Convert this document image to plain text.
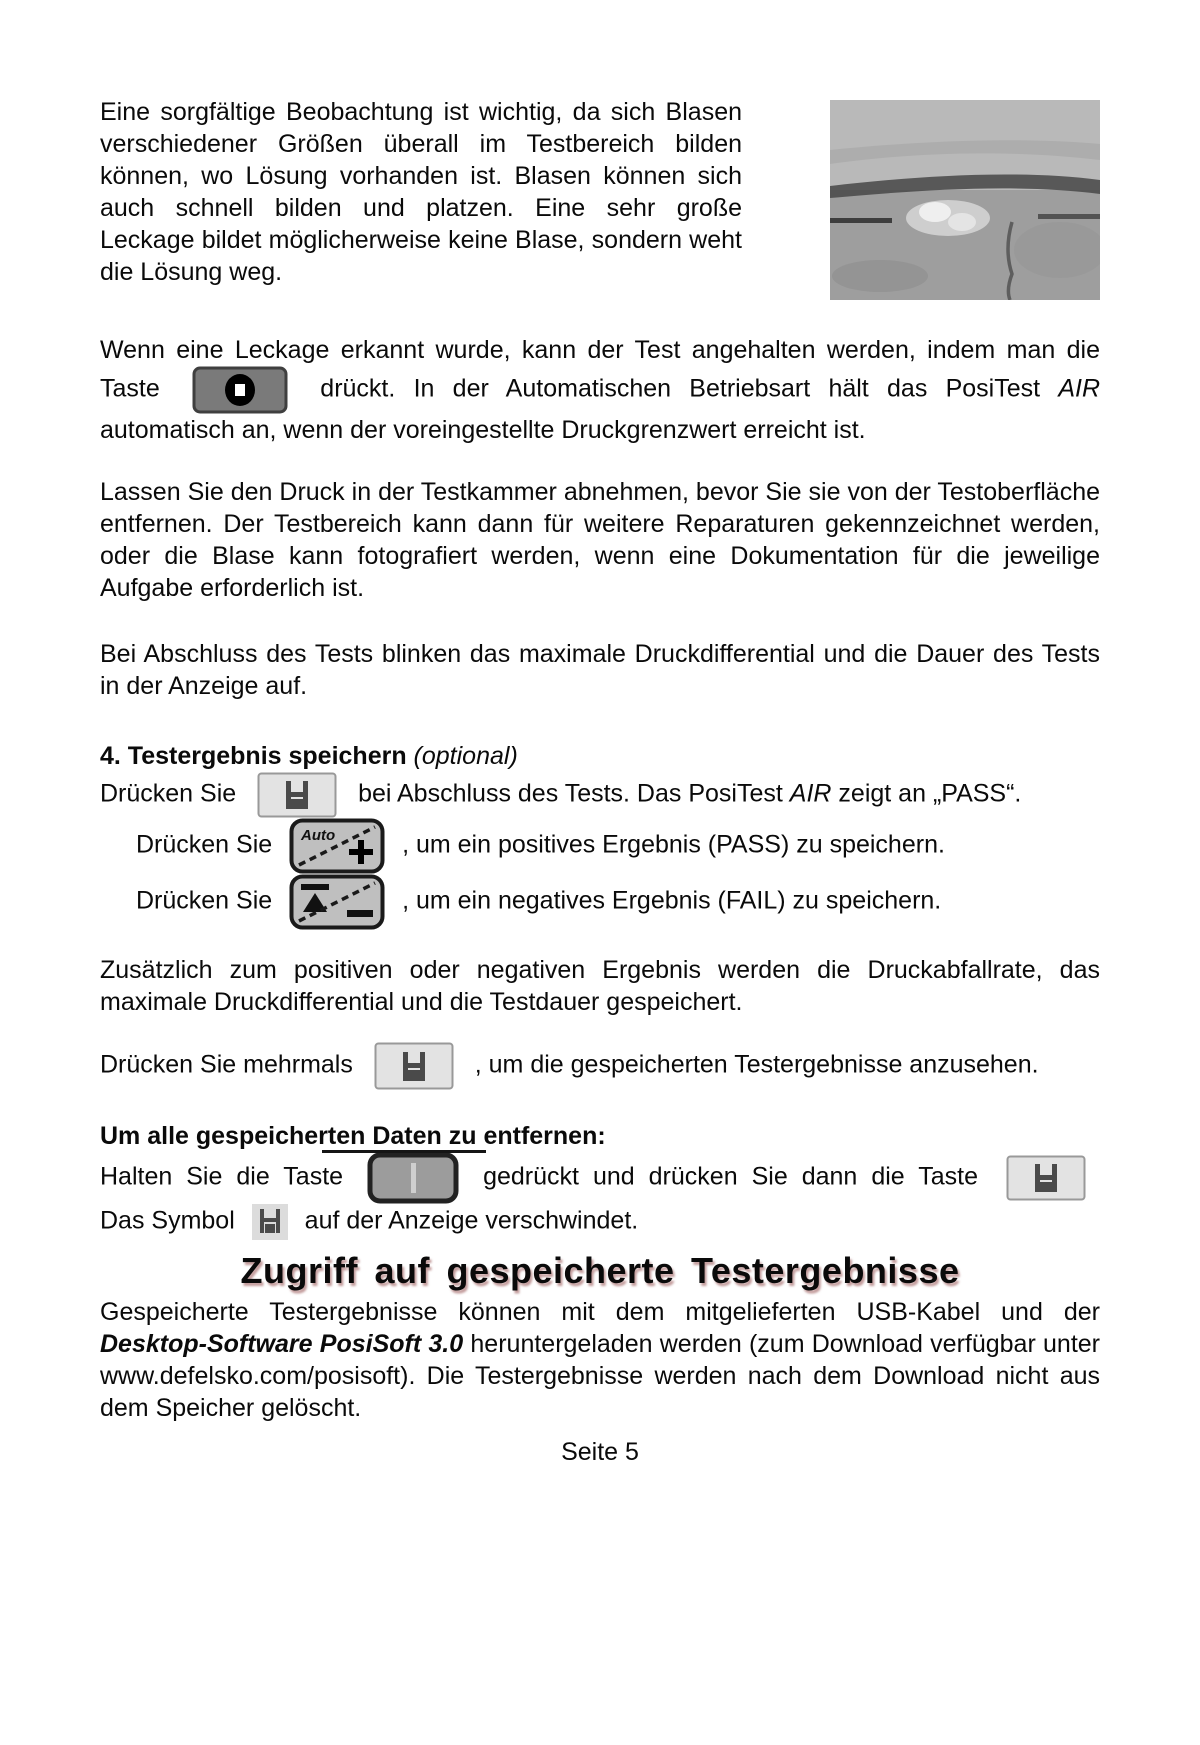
Eine sorgfältige Beobachtung ist wichtig, da sich Blasen verschiedener Größen überall im Testbereich bilden können, wo Lösung vorhanden ist. Blasen können sich auch schnell bilden und platzen. Eine sehr große Leckage bildet möglicherweise keine Blase, sondern weht die Lösung weg.

Wenn eine Leckage erkannt wurde, kann der Test angehalten werden, indem man die Taste	drückt. In der Automatischen Betriebsart hält das PosiTest AIR automatisch an, wenn der voreingestellte Druckgrenzwert erreicht ist.

Lassen Sie den Druck in der Testkammer abnehmen, bevor Sie sie von der Testoberfläche entfernen. Der Testbereich kann dann für weitere Reparaturen gekennzeichnet werden, oder die Blase kann fotografiert werden, wenn eine Dokumentation für die jeweilige Aufgabe erforderlich ist.

Bei Abschluss des Tests blinken das maximale Druckdifferential und die Dauer des Tests in der Anzeige auf.

4. Testergebnis speichern (optional)

Drücken Sie	bei Abschluss des Tests. Das PosiTest AIR zeigt an „PASS“.

Drücken Sie Auto	, um ein positives Ergebnis (PASS) zu speichern.

Drücken Sie	, um ein negatives Ergebnis (FAIL) zu speichern.

Zusätzlich zum positiven oder negativen Ergebnis werden die Druckabfallrate, das maximale Druckdifferential und die Testdauer gespeichert.

Drücken Sie mehrmals	, um die gespeicherten Testergebnisse anzusehen.

Um alle gespeicherten Daten zu entfernen:

Halten Sie die Taste	gedrückt und drücken Sie dann die Taste

Das Symbol	auf der Anzeige verschwindet.

Zugriff auf gespeicherte Testergebnisse

Gespeicherte Testergebnisse können mit dem mitgelieferten USB-Kabel und der Desktop-Software PosiSoft 3.0 heruntergeladen werden (zum Download verfügbar unter www.defelsko.com/posisoft). Die Testergebnisse werden nach dem Download nicht aus dem Speicher gelöscht.

Seite 5
